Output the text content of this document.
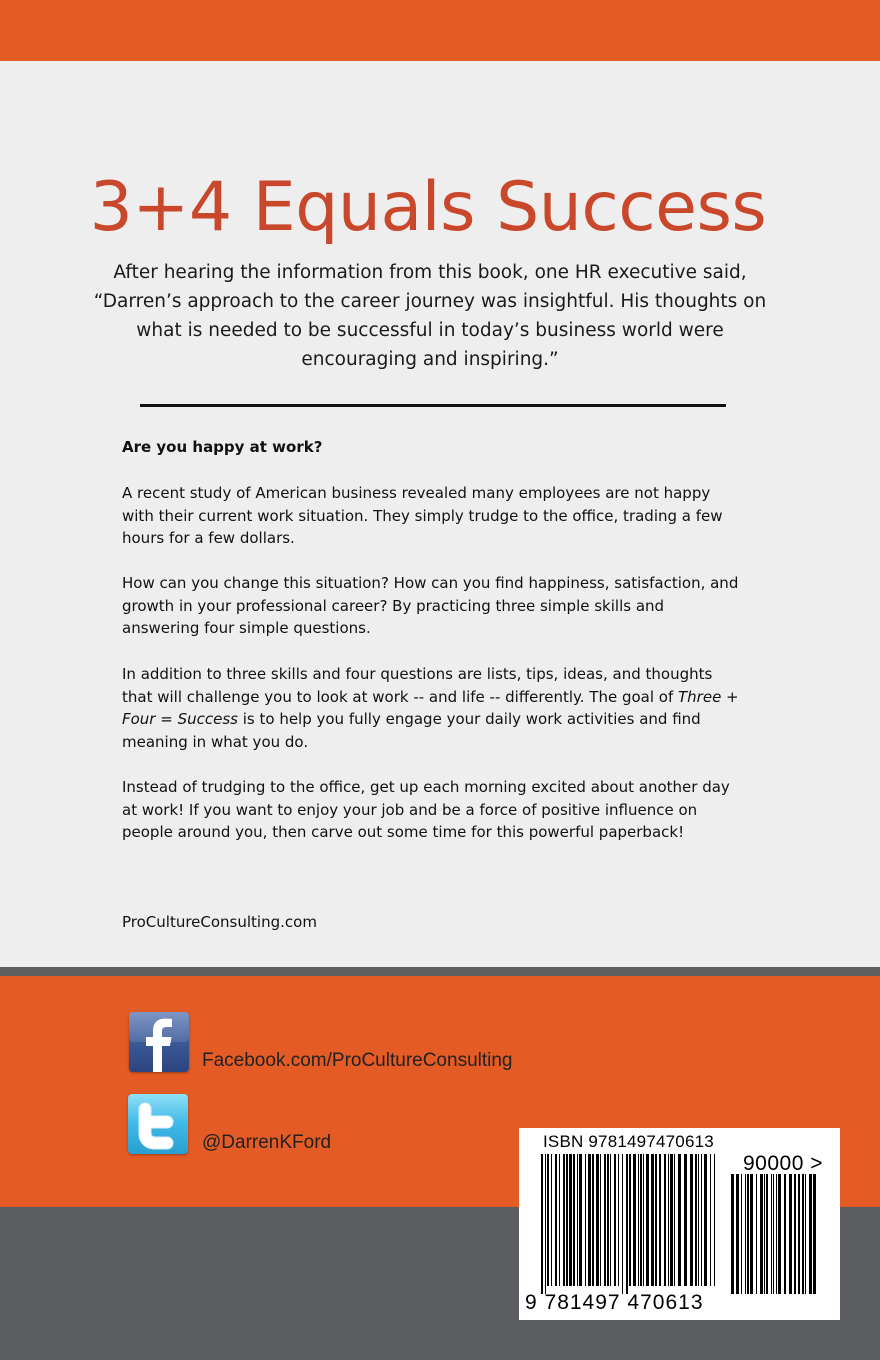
3+4 Equals Success
After hearing the information from this book, one HR executive said, “Darren’s approach to the career journey was insightful. His thoughts on what is needed to be successful in today’s business world were encouraging and inspiring.”
Are you happy at work?
A recent study of American business revealed many employees are not happy with their current work situation. They simply trudge to the office, trading a few hours for a few dollars.
How can you change this situation? How can you find happiness, satisfaction, and growth in your professional career? By practicing three simple skills and answering four simple questions.
In addition to three skills and four questions are lists, tips, ideas, and thoughts that will challenge you to look at work -- and life -- differently. The goal of Three + Four = Success is to help you fully engage your daily work activities and find meaning in what you do.
Instead of trudging to the office, get up each morning excited about another day at work! If you want to enjoy your job and be a force of positive influence on people around you, then carve out some time for this powerful paperback!
ProCultureConsulting.com
Facebook.com/ProCultureConsulting
@DarrenKFord	ISBN 9781497470613
90000 >
9 781497 470613
